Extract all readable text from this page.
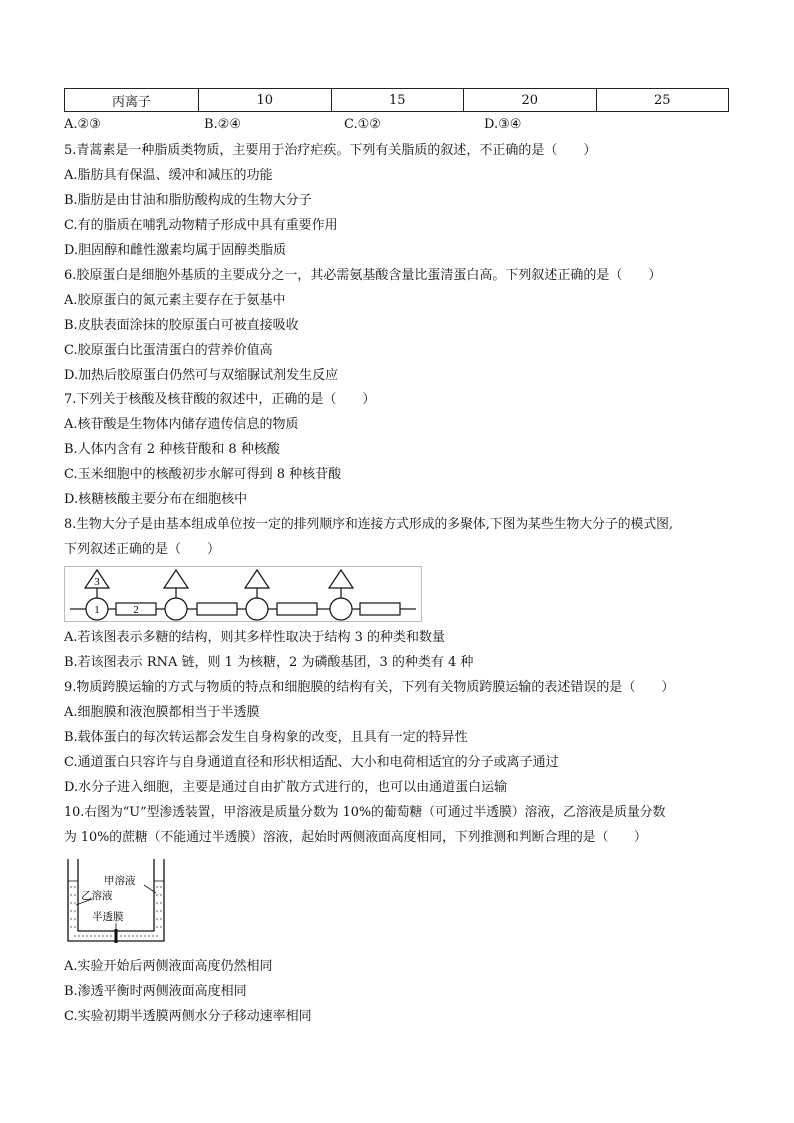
丙离子	10	15	20	25
A.②③	B.②④	C.①②	D.③④
5.青蒿素是一种脂质类物质，主要用于治疗疟疾。下列有关脂质的叙述，不正确的是（　　）
A.脂肪具有保温、缓冲和减压的功能
B.脂肪是由甘油和脂肪酸构成的生物大分子
C.有的脂质在哺乳动物精子形成中具有重要作用
D.胆固醇和雌性激素均属于固醇类脂质
6.胶原蛋白是细胞外基质的主要成分之一，其必需氨基酸含量比蛋清蛋白高。下列叙述正确的是（　　）
A.胶原蛋白的氮元素主要存在于氨基中
B.皮肤表面涂抹的胶原蛋白可被直接吸收
C.胶原蛋白比蛋清蛋白的营养价值高
D.加热后胶原蛋白仍然可与双缩脲试剂发生反应
7.下列关于核酸及核苷酸的叙述中，正确的是（　　）
A.核苷酸是生物体内储存遗传信息的物质
B.人体内含有 2 种核苷酸和 8 种核酸
C.玉米细胞中的核酸初步水解可得到 8 种核苷酸
D.核糖核酸主要分布在细胞核中
8.生物大分子是由基本组成单位按一定的排列顺序和连接方式形成的多聚体,下图为某些生物大分子的模式图,
下列叙述正确的是（　　）
3
1	2
A.若该图表示多糖的结构，则其多样性取决于结构 3 的种类和数量
B.若该图表示 RNA 链，则 1 为核糖，2 为磷酸基团，3 的种类有 4 种
9.物质跨膜运输的方式与物质的特点和细胞膜的结构有关，下列有关物质跨膜运输的表述错误的是（　　）
A.细胞膜和液泡膜都相当于半透膜
B.载体蛋白的每次转运都会发生自身构象的改变，且具有一定的特异性
C.通道蛋白只容许与自身通道直径和形状相适配、大小和电荷相适宜的分子或离子通过
D.水分子进入细胞，主要是通过自由扩散方式进行的，也可以由通道蛋白运输
10.右图为“U”型渗透装置，甲溶液是质量分数为 10%的葡萄糖（可通过半透膜）溶液，乙溶液是质量分数
为 10%的蔗糖（不能通过半透膜）溶液，起始时两侧液面高度相同，下列推测和判断合理的是（　　）
甲溶液
乙溶液
半透膜
A.实验开始后两侧液面高度仍然相同
B.渗透平衡时两侧液面高度相同
C.实验初期半透膜两侧水分子移动速率相同
